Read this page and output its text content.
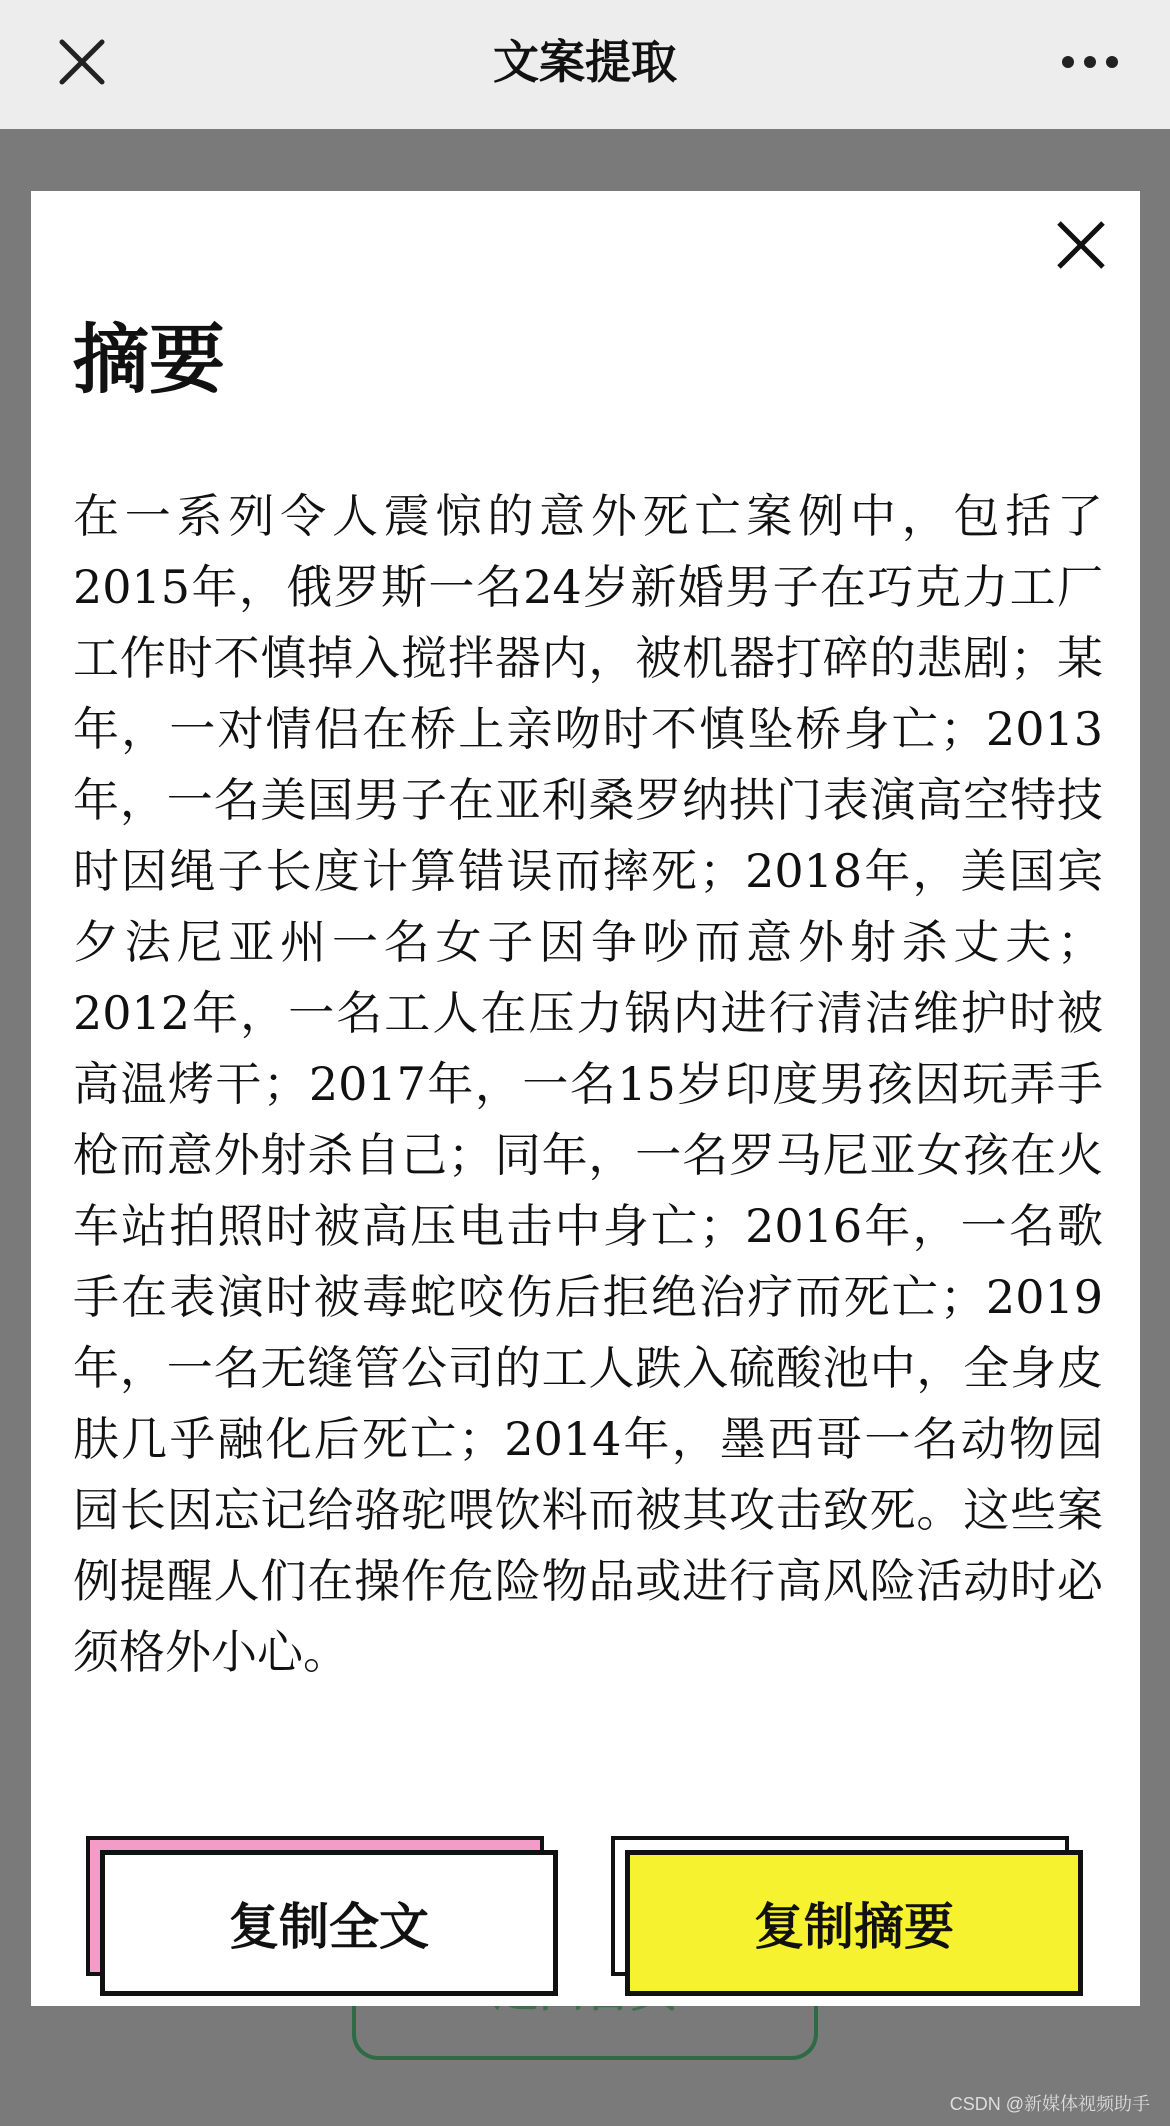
文案提取
摘要

在一系列令人震惊的意外死亡案例中，包括了2015年，俄罗斯一名24岁新婚男子在巧克力工厂工作时不慎掉入搅拌器内，被机器打碎的悲剧；某年，一对情侣在桥上亲吻时不慎坠桥身亡；2013年，一名美国男子在亚利桑罗纳拱门表演高空特技时因绳子长度计算错误而摔死；2018年，美国宾夕法尼亚州一名女子因争吵而意外射杀丈夫；2012年，一名工人在压力锅内进行清洁维护时被高温烤干；2017年，一名15岁印度男孩因玩弄手枪而意外射杀自己；同年，一名罗马尼亚女孩在火车站拍照时被高压电击中身亡；2016年，一名歌手在表演时被毒蛇咬伤后拒绝治疗而死亡；2019年，一名无缝管公司的工人跌入硫酸池中，全身皮肤几乎融化后死亡；2014年，墨西哥一名动物园园长因忘记给骆驼喂饮料而被其攻击致死。这些案例提醒人们在操作危险物品或进行高风险活动时必须格外小心。

复制全文	复制摘要
CSDN @新媒体视频助手
